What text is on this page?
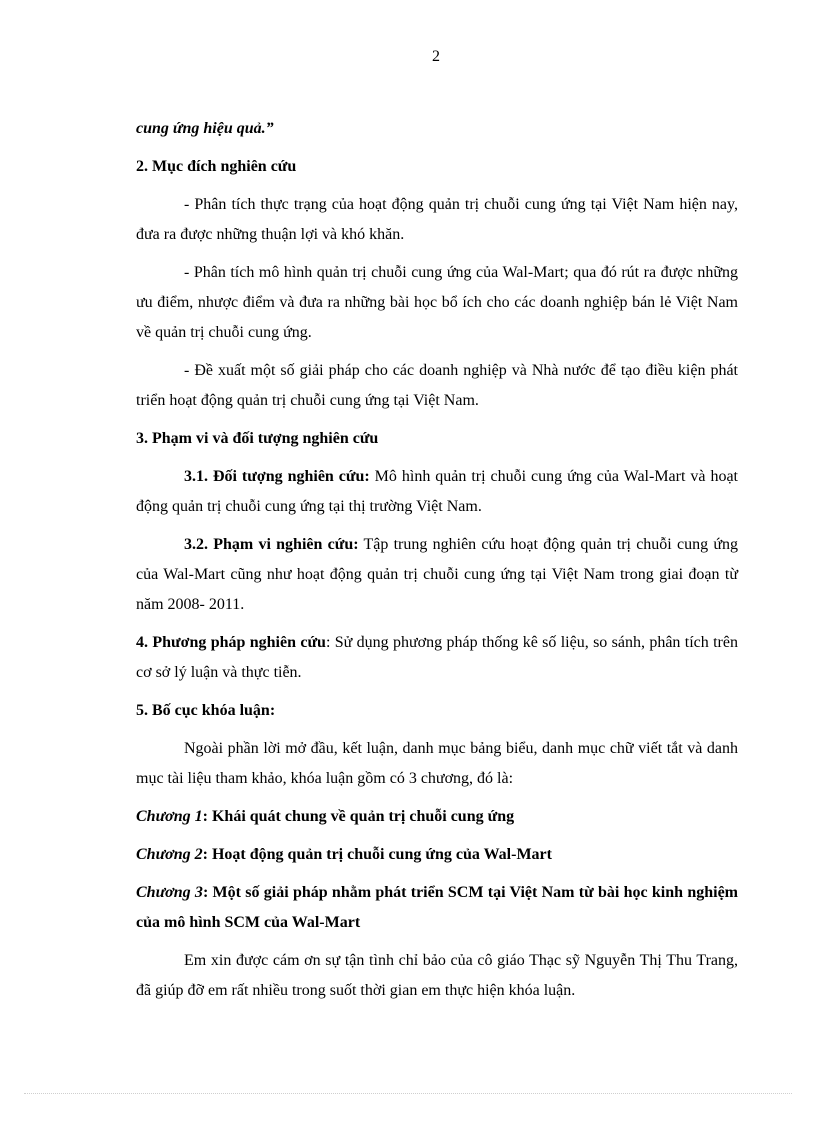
2

cung ứng hiệu quả.”

2. Mục đích nghiên cứu

- Phân tích thực trạng của hoạt động quản trị chuỗi cung ứng tại Việt Nam hiện nay, đưa ra được những thuận lợi và khó khăn.

- Phân tích mô hình quản trị chuỗi cung ứng của Wal-Mart; qua đó rút ra được những ưu điểm, nhược điểm và đưa ra những bài học bổ ích cho các doanh nghiệp bán lẻ Việt Nam về quản trị chuỗi cung ứng.

- Đề xuất một số giải pháp cho các doanh nghiệp và Nhà nước để tạo điều kiện phát triển hoạt động quản trị chuỗi cung ứng tại Việt Nam.

3. Phạm vi và đối tượng nghiên cứu

3.1. Đối tượng nghiên cứu: Mô hình quản trị chuỗi cung ứng của Wal-Mart và hoạt động quản trị chuỗi cung ứng tại thị trường Việt Nam.

3.2. Phạm vi nghiên cứu: Tập trung nghiên cứu hoạt động quản trị chuỗi cung ứng của Wal-Mart cũng như hoạt động quản trị chuỗi cung ứng tại Việt Nam trong giai đoạn từ năm 2008- 2011.

4. Phương pháp nghiên cứu: Sử dụng phương pháp thống kê số liệu, so sánh, phân tích trên cơ sở lý luận và thực tiễn.

5. Bố cục khóa luận:

Ngoài phần lời mở đầu, kết luận, danh mục bảng biểu, danh mục chữ viết tắt và danh mục tài liệu tham khảo, khóa luận gồm có 3 chương, đó là:

Chương 1: Khái quát chung về quản trị chuỗi cung ứng

Chương 2: Hoạt động quản trị chuỗi cung ứng của Wal-Mart

Chương 3: Một số giải pháp nhằm phát triển SCM tại Việt Nam từ bài học kinh nghiệm của mô hình SCM của Wal-Mart

Em xin được cám ơn sự tận tình chỉ bảo của cô giáo Thạc sỹ Nguyễn Thị Thu Trang, đã giúp đỡ em rất nhiều trong suốt thời gian em thực hiện khóa luận.
